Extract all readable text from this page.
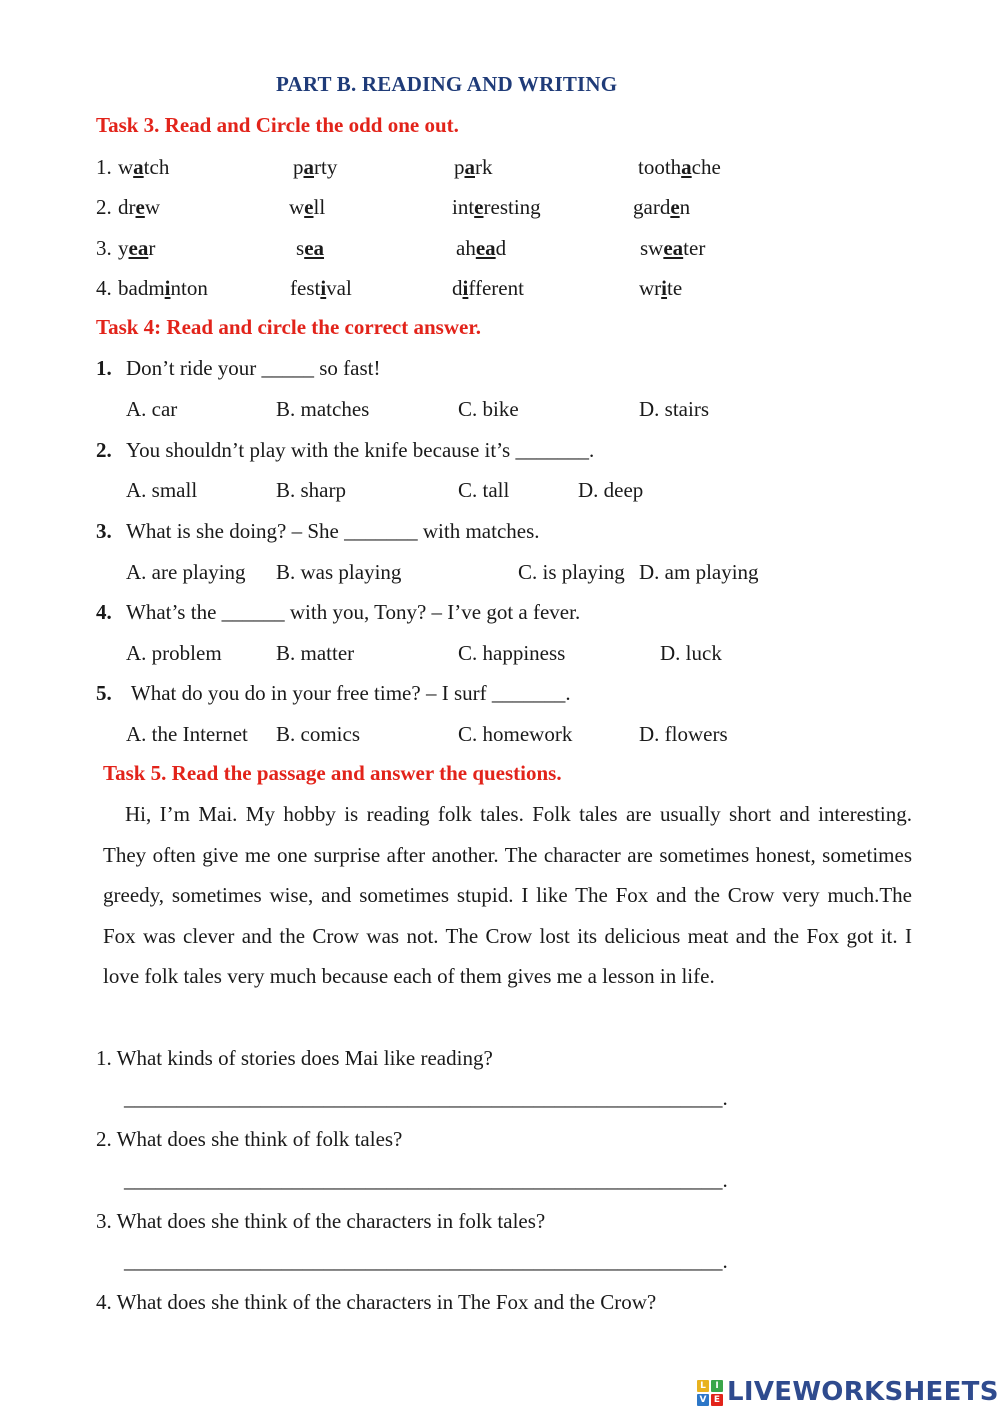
PART B. READING AND WRITING
Task 3. Read and Circle the odd one out.
1. watch	party	park	toothache
2. drew	well	interesting	garden
3. year	sea	ahead	sweater
4. badminton	festival	different	write
Task 4: Read and circle the correct answer.
1. Don’t ride your _____ so fast!
A. car	B. matches	C. bike	D. stairs
2. You shouldn’t play with the knife because it’s _______.
A. small	B. sharp	C. tall	D. deep
3. What is she doing? – She _______ with matches.
A. are playing B. was playing	C. is playing D. am playing
4. What’s the ______ with you, Tony? – I’ve got a fever.
A. problem	B. matter	C. happiness	D. luck
5. What do you do in your free time? – I surf _______.
A. the Internet B. comics	C. homework	D. flowers
Task 5. Read the passage and answer the questions.
Hi, I’m Mai. My hobby is reading folk tales. Folk tales are usually short and interesting. They often give me one surprise after another. The character are sometimes honest, sometimes greedy, sometimes wise, and sometimes stupid. I like The Fox and the Crow very much.The Fox was clever and the Crow was not. The Crow lost its delicious meat and the Fox got it. I love folk tales very much because each of them gives me a lesson in life.
1. What kinds of stories does Mai like reading?
_________________________________________________________.
2. What does she think of folk tales?
_________________________________________________________.
3. What does she think of the characters in folk tales?
_________________________________________________________.
4. What does she think of the characters in The Fox and the Crow?
L	I
V E LIVEWORKSHEETS
